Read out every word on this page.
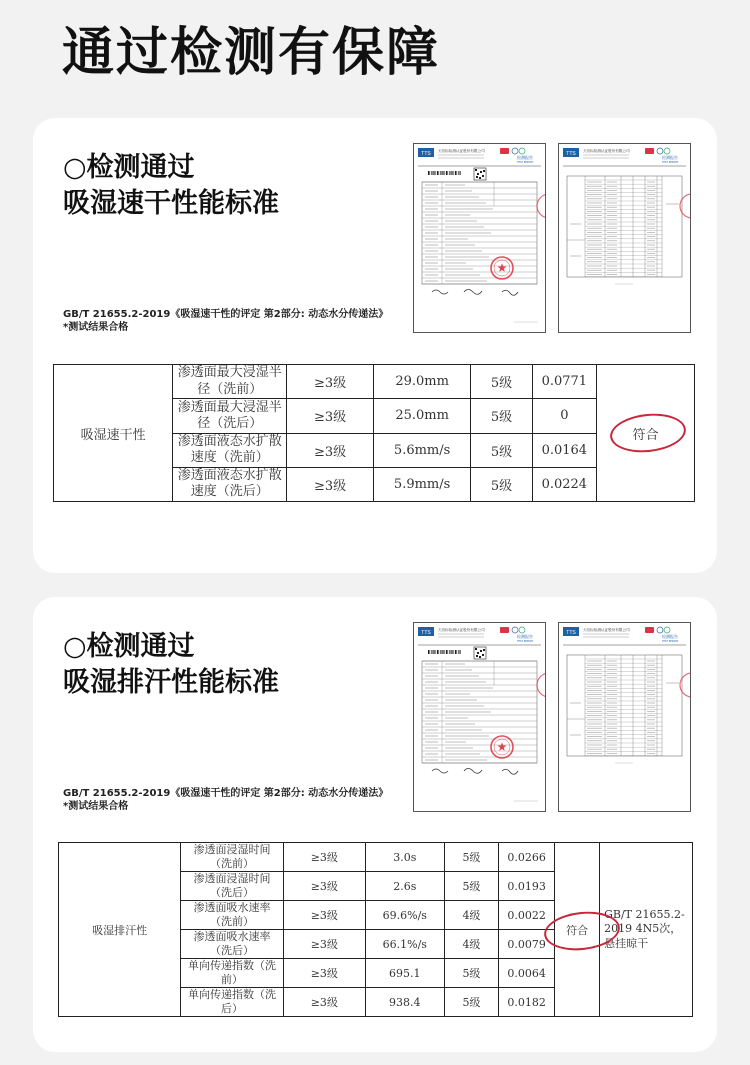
通过检测有保障
○检测通过
吸湿速干性能标准
GB/T 21655.2-2019《吸湿速干性的评定 第2部分: 动态水分传递法》
*测试结果合格
TTS 天纺标检测认证股份有限公司
检测报告
TEST REPORT
TTS 天纺标检测认证股份有限公司
检测报告
TEST REPORT
吸湿速干性	渗透面最大浸湿半径（洗前）	≥3级	29.0mm	5级	0.0771	符合

	渗透面最大浸湿半径（洗后）	≥3级	25.0mm	5级	0	
	渗透面液态水扩散速度（洗前）	≥3级	5.6mm/s	5级	0.0164	
	渗透面液态水扩散速度（洗后）	≥3级	5.9mm/s	5级	0.0224	
○检测通过
吸湿排汗性能标准
GB/T 21655.2-2019《吸湿速干性的评定 第2部分: 动态水分传递法》
*测试结果合格
TTS 天纺标检测认证股份有限公司
检测报告
TEST REPORT
TTS 天纺标检测认证股份有限公司
检测报告
TEST REPORT
吸湿排汗性	渗透面浸湿时间（洗前）	≥3级	3.0s	5级	0.0266	符合	GB/T 21655.2-2019 4N5次，悬挂晾干
	渗透面浸湿时间（洗后）	≥3级	2.6s	5级	0.0193		
	渗透面吸水速率（洗前）	≥3级	69.6%/s	4级	0.0022		
	渗透面吸水速率（洗后）	≥3级	66.1%/s	4级	0.0079		
	单向传递指数（洗前）	≥3级	695.1	5级	0.0064		
	单向传递指数（洗后）	≥3级	938.4	5级	0.0182		
